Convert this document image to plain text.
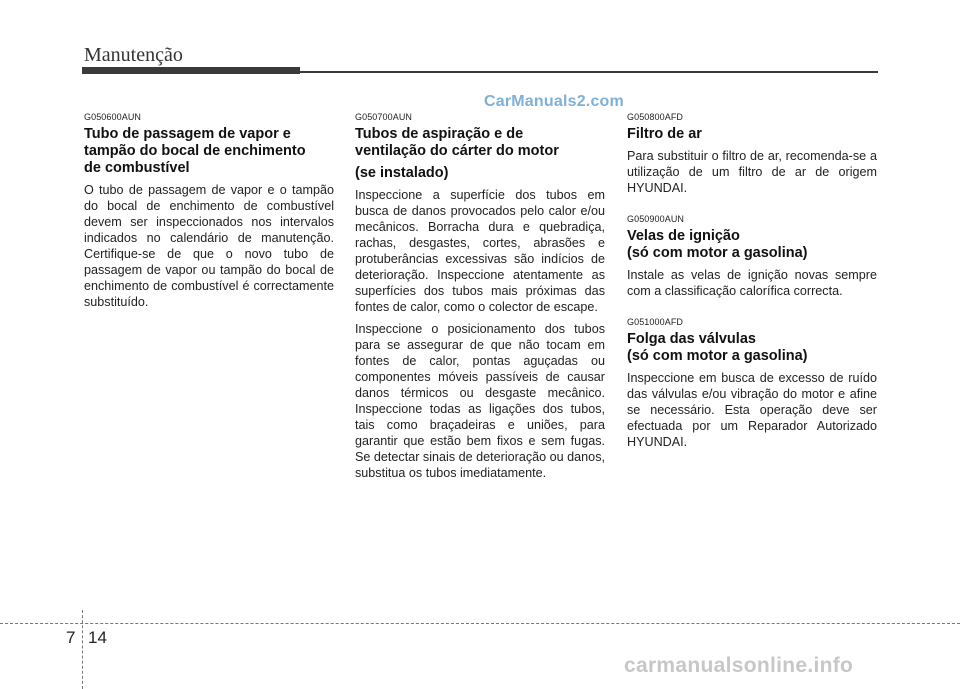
Manutenção
CarManuals2.com
G050600AUN
Tubo de passagem de vapor e
tampão do bocal de enchimento
de combustível

O tubo de passagem de vapor e o tampão do bocal de enchimento de combustível devem ser inspeccionados nos intervalos indicados no calendário de manutenção. Certifique-se de que o novo tubo de passagem de vapor ou tampão do bocal de enchimento de combustível é correctamente substituído.

G050700AUN
Tubos de aspiração e de
ventilação do cárter do motor
(se instalado)

Inspeccione a superfície dos tubos em busca de danos provocados pelo calor e/ou mecânicos. Borracha dura e quebradiça, rachas, desgastes, cortes, abrasões e protuberâncias excessivas são indícios de deterioração. Inspeccione atentamente as superfícies dos tubos mais próximas das fontes de calor, como o colector de escape.

Inspeccione o posicionamento dos tubos para se assegurar de que não tocam em fontes de calor, pontas aguçadas ou componentes móveis passíveis de causar danos térmicos ou desgaste mecânico. Inspeccione todas as ligações dos tubos, tais como braçadeiras e uniões, para garantir que estão bem fixos e sem fugas. Se detectar sinais de deterioração ou danos, substitua os tubos imediatamente.

G050800AFD
Filtro de ar

Para substituir o filtro de ar, recomenda-se a utilização de um filtro de ar de origem HYUNDAI.

G050900AUN
Velas de ignição
(só com motor a gasolina)

Instale as velas de ignição novas sempre com a classificação calorífica correcta.

G051000AFD
Folga das válvulas
(só com motor a gasolina)

Inspeccione em busca de excesso de ruído das válvulas e/ou vibração do motor e afine se necessário. Esta operação deve ser efectuada por um Reparador Autorizado HYUNDAI.

7 14
carmanualsonline.info
